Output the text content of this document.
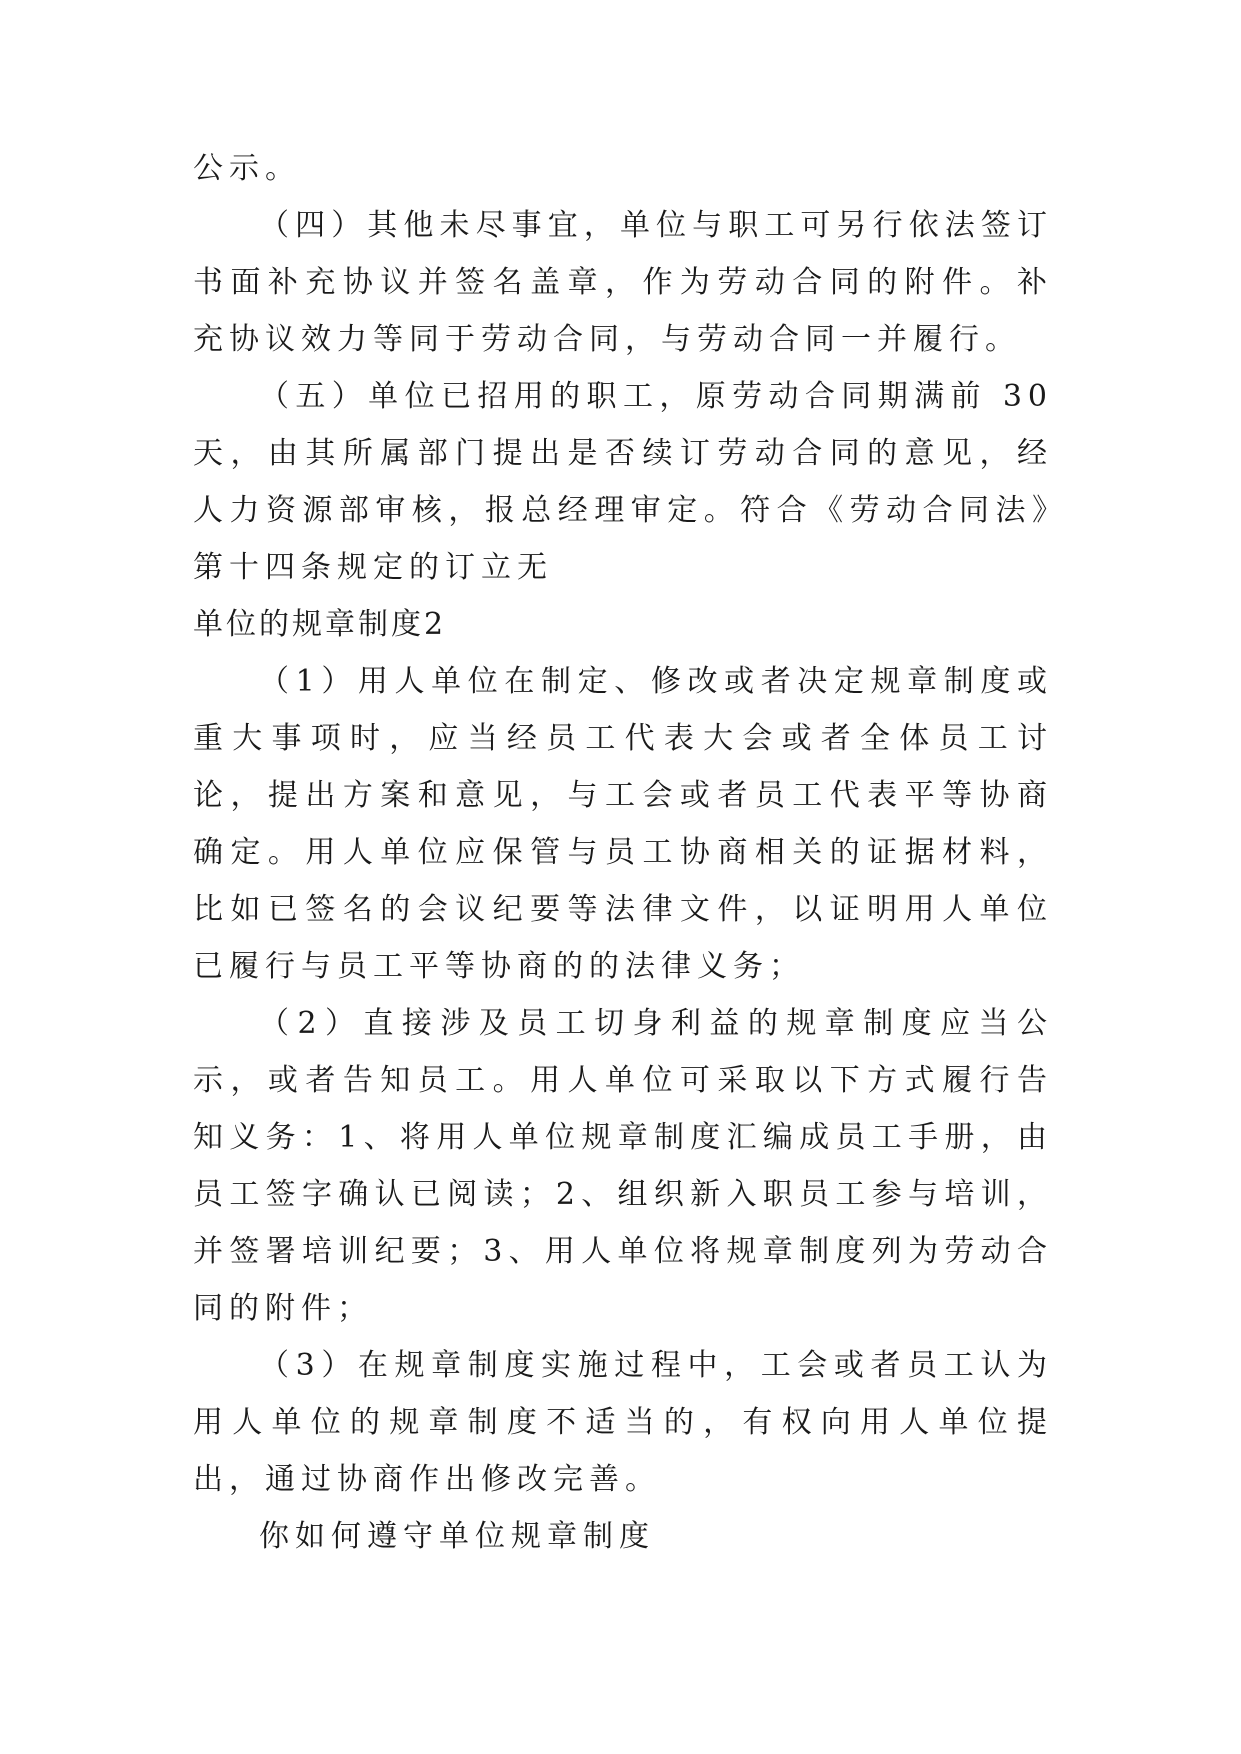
公示。

（四）其他未尽事宜，单位与职工可另行依法签订书面补充协议并签名盖章，作为劳动合同的附件。补充协议效力等同于劳动合同，与劳动合同一并履行。

（五）单位已招用的职工，原劳动合同期满前 30 天，由其所属部门提出是否续订劳动合同的意见，经人力资源部审核，报总经理审定。符合《劳动合同法》第十四条规定的订立无

单位的规章制度2

（1）用人单位在制定、修改或者决定规章制度或重大事项时，应当经员工代表大会或者全体员工讨论，提出方案和意见，与工会或者员工代表平等协商确定。用人单位应保管与员工协商相关的证据材料，比如已签名的会议纪要等法律文件，以证明用人单位已履行与员工平等协商的的法律义务；

（2）直接涉及员工切身利益的规章制度应当公示，或者告知员工。用人单位可采取以下方式履行告知义务：1、将用人单位规章制度汇编成员工手册，由员工签字确认已阅读；2、组织新入职员工参与培训，并签署培训纪要；3、用人单位将规章制度列为劳动合同的附件；

（3）在规章制度实施过程中，工会或者员工认为用人单位的规章制度不适当的，有权向用人单位提出，通过协商作出修改完善。

你如何遵守单位规章制度
